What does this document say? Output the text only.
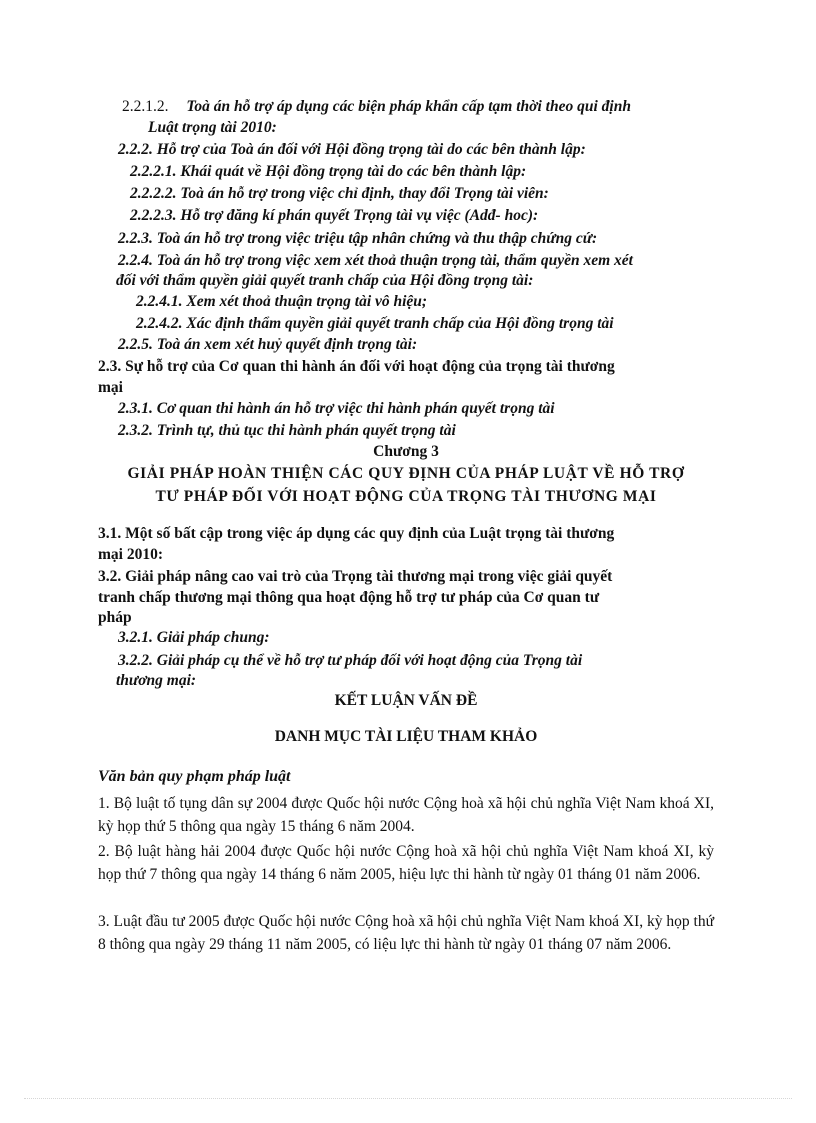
2.2.1.2. Toà án hỗ trợ áp dụng các biện pháp khẩn cấp tạm thời theo qui định
Luật trọng tài 2010:
2.2.2. Hỗ trợ của Toà án đối với Hội đồng trọng tài do các bên thành lập:
2.2.2.1. Khái quát về Hội đồng trọng tài do các bên thành lập:
2.2.2.2. Toà án hỗ trợ trong việc chỉ định, thay đổi Trọng tài viên:
2.2.2.3. Hỗ trợ đăng kí phán quyết Trọng tài vụ việc (Adđ- hoc):
2.2.3. Toà án hỗ trợ trong việc triệu tập nhân chứng và thu thập chứng cứ:
2.2.4. Toà án hỗ trợ trong việc xem xét thoả thuận trọng tài, thẩm quyền xem xét
đối với thẩm quyền giải quyết tranh chấp của Hội đồng trọng tài:
2.2.4.1. Xem xét thoả thuận trọng tài vô hiệu;
2.2.4.2. Xác định thẩm quyền giải quyết tranh chấp của Hội đồng trọng tài
2.2.5. Toà án xem xét huỷ quyết định trọng tài:
2.3. Sự hỗ trợ của Cơ quan thi hành án đối với hoạt động của trọng tài thương
mại
2.3.1. Cơ quan thi hành án hỗ trợ việc thi hành phán quyết trọng tài
2.3.2. Trình tự, thủ tục thi hành phán quyết trọng tài
Chương 3
GIẢI PHÁP HOÀN THIỆN CÁC QUY ĐỊNH CỦA PHÁP LUẬT VỀ HỖ TRỢ
TƯ PHÁP ĐỐI VỚI HOẠT ĐỘNG CỦA TRỌNG TÀI THƯƠNG MẠI
3.1. Một số bất cập trong việc áp dụng các quy định của Luật trọng tài thương
mại 2010:
3.2. Giải pháp nâng cao vai trò của Trọng tài thương mại trong việc giải quyết
tranh chấp thương mại thông qua hoạt động hỗ trợ tư pháp của Cơ quan tư
pháp
3.2.1. Giải pháp chung:
3.2.2. Giải pháp cụ thể về hỗ trợ tư pháp đối với hoạt động của Trọng tài
thương mại:
KẾT LUẬN VẤN ĐỀ
DANH MỤC TÀI LIỆU THAM KHẢO
Văn bản quy phạm pháp luật
1. Bộ luật tố tụng dân sự 2004 được Quốc hội nước Cộng hoà xã hội chủ nghĩa Việt Nam khoá XI, kỳ họp thứ 5 thông qua ngày 15 tháng 6 năm 2004.
2. Bộ luật hàng hải 2004 được Quốc hội nước Cộng hoà xã hội chủ nghĩa Việt Nam khoá XI, kỳ họp thứ 7 thông qua ngày 14 tháng 6 năm 2005, hiệu lực thi hành từ ngày 01 tháng 01 năm 2006.
3. Luật đầu tư 2005 được Quốc hội nước Cộng hoà xã hội chủ nghĩa Việt Nam khoá XI, kỳ họp thứ 8 thông qua ngày 29 tháng 11 năm 2005, có liệu lực thi hành từ ngày 01 tháng 07 năm 2006.
